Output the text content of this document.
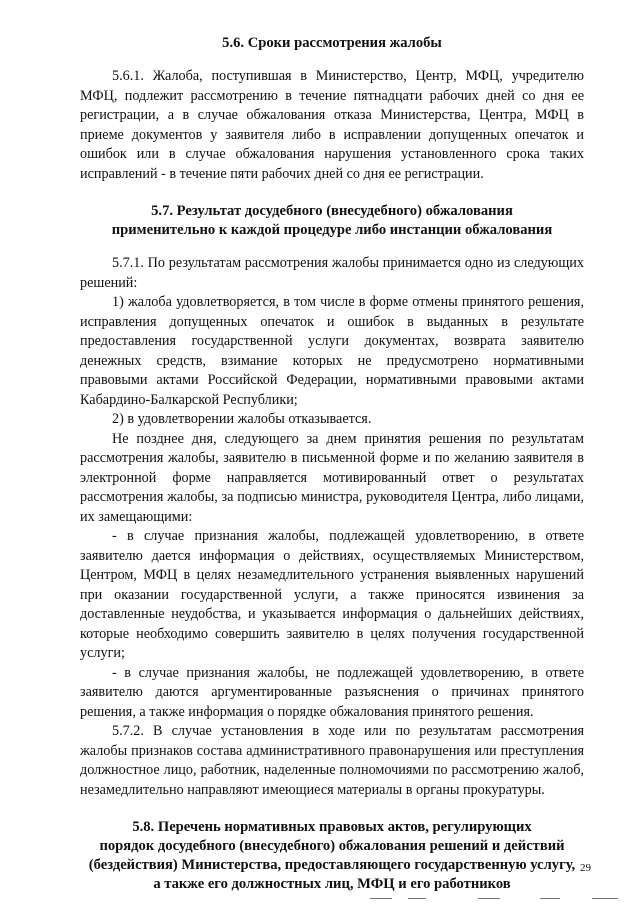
5.6. Сроки рассмотрения жалобы

5.6.1. Жалоба, поступившая в Министерство, Центр, МФЦ, учредителю МФЦ, подлежит рассмотрению в течение пятнадцати рабочих дней со дня ее регистрации, а в случае обжалования отказа Министерства, Центра, МФЦ в приеме документов у заявителя либо в исправлении допущенных опечаток и ошибок или в случае обжалования нарушения установленного срока таких исправлений - в течение пяти рабочих дней со дня ее регистрации.

5.7. Результат досудебного (внесудебного) обжалования
применительно к каждой процедуре либо инстанции обжалования

5.7.1. По результатам рассмотрения жалобы принимается одно из следующих решений:

1) жалоба удовлетворяется, в том числе в форме отмены принятого решения, исправления допущенных опечаток и ошибок в выданных в результате предоставления государственной услуги документах, возврата заявителю денежных средств, взимание которых не предусмотрено нормативными правовыми актами Российской Федерации, нормативными правовыми актами Кабардино-Балкарской Республики;

2) в удовлетворении жалобы отказывается.

Не позднее дня, следующего за днем принятия решения по результатам рассмотрения жалобы, заявителю в письменной форме и по желанию заявителя в электронной форме направляется мотивированный ответ о результатах рассмотрения жалобы, за подписью министра, руководителя Центра, либо лицами, их замещающими:

- в случае признания жалобы, подлежащей удовлетворению, в ответе заявителю дается информация о действиях, осуществляемых Министерством, Центром, МФЦ в целях незамедлительного устранения выявленных нарушений при оказании государственной услуги, а также приносятся извинения за доставленные неудобства, и указывается информация о дальнейших действиях, которые необходимо совершить заявителю в целях получения государственной услуги;

- в случае признания жалобы, не подлежащей удовлетворению, в ответе заявителю даются аргументированные разъяснения о причинах принятого решения, а также информация о порядке обжалования принятого решения.

5.7.2. В случае установления в ходе или по результатам рассмотрения жалобы признаков состава административного правонарушения или преступления должностное лицо, работник, наделенные полномочиями по рассмотрению жалоб, незамедлительно направляют имеющиеся материалы в органы прокуратуры.

5.8. Перечень нормативных правовых актов, регулирующих
порядок досудебного (внесудебного) обжалования решений и действий
(бездействия) Министерства, предоставляющего государственную услугу,
а также его должностных лиц, МФЦ и его работников
29
